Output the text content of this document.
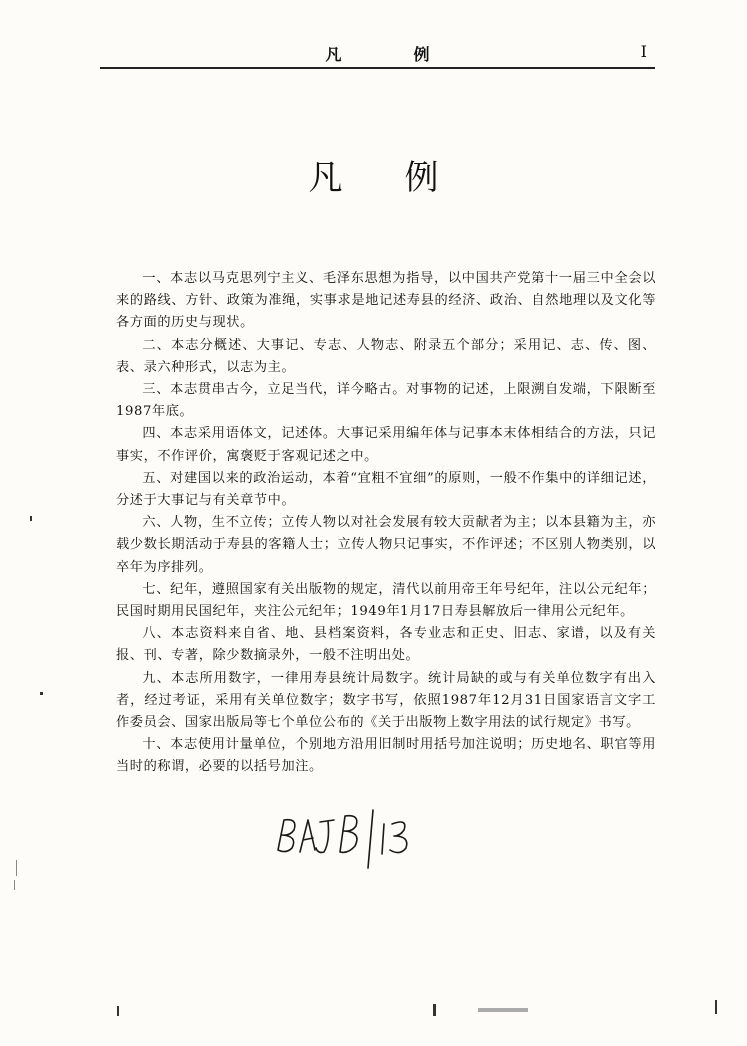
凡　例	I
凡例

一、本志以马克思列宁主义、毛泽东思想为指导，以中国共产党第十一届三中全会以来的路线、方针、政策为准绳，实事求是地记述寿县的经济、政治、自然地理以及文化等各方面的历史与现状。

二、本志分概述、大事记、专志、人物志、附录五个部分；采用记、志、传、图、表、录六种形式，以志为主。

三、本志贯串古今，立足当代，详今略古。对事物的记述，上限溯自发端，下限断至1987年底。

四、本志采用语体文，记述体。大事记采用编年体与记事本末体相结合的方法，只记事实，不作评价，寓褒贬于客观记述之中。

五、对建国以来的政治运动，本着“宜粗不宜细”的原则，一般不作集中的详细记述，分述于大事记与有关章节中。

六、人物，生不立传；立传人物以对社会发展有较大贡献者为主；以本县籍为主，亦载少数长期活动于寿县的客籍人士；立传人物只记事实，不作评述；不区别人物类别，以卒年为序排列。

七、纪年，遵照国家有关出版物的规定，清代以前用帝王年号纪年，注以公元纪年；民国时期用民国纪年，夹注公元纪年；1949年1月17日寿县解放后一律用公元纪年。

八、本志资料来自省、地、县档案资料，各专业志和正史、旧志、家谱，以及有关报、刊、专著，除少数摘录外，一般不注明出处。

九、本志所用数字，一律用寿县统计局数字。统计局缺的或与有关单位数字有出入者，经过考证，采用有关单位数字；数字书写，依照1987年12月31日国家语言文字工作委员会、国家出版局等七个单位公布的《关于出版物上数字用法的试行规定》书写。

十、本志使用计量单位，个别地方沿用旧制时用括号加注说明；历史地名、职官等用当时的称谓，必要的以括号加注。
